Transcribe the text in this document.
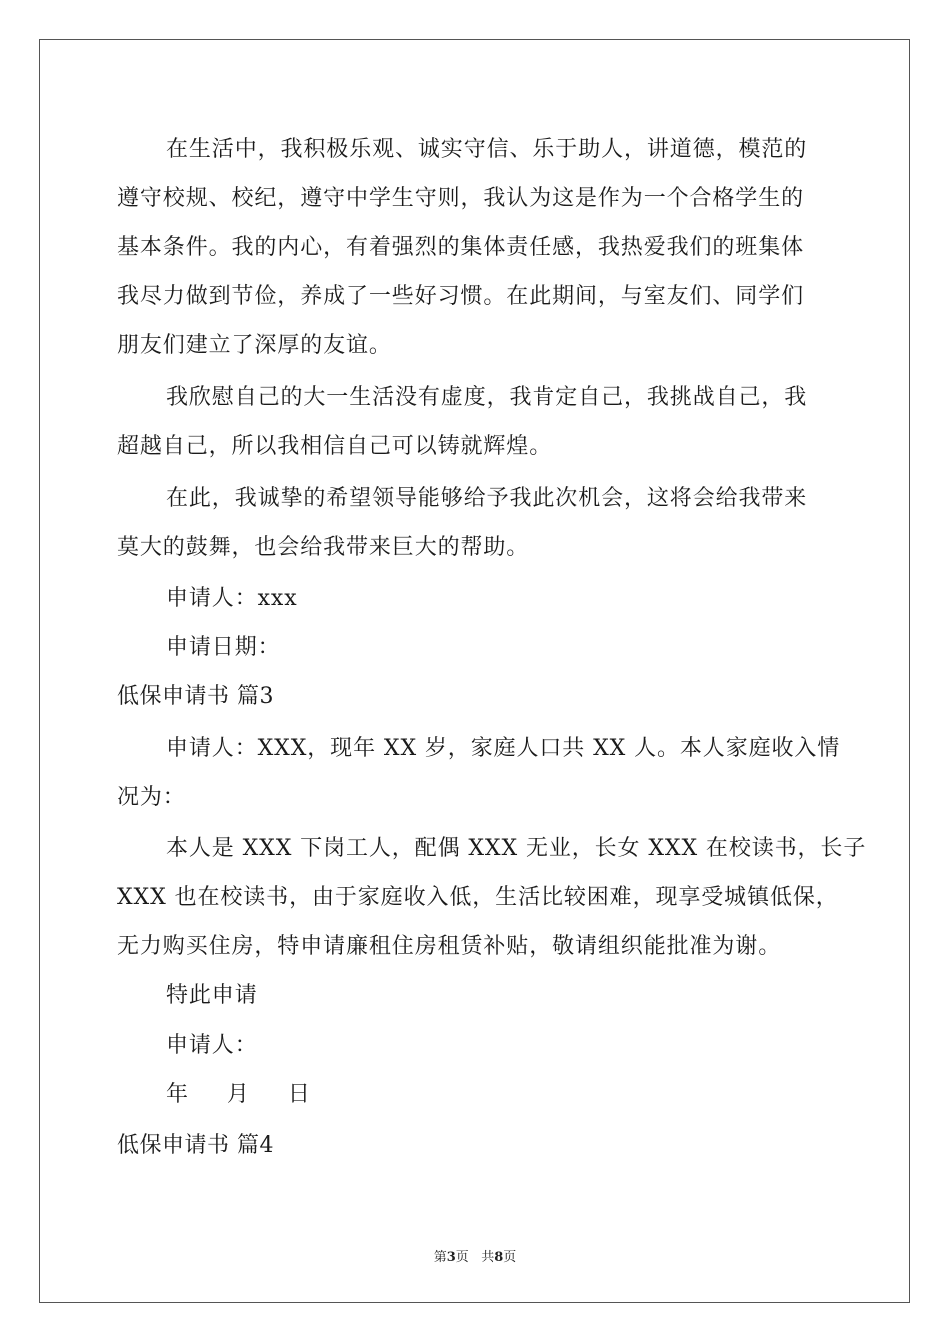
在生活中，我积极乐观、诚实守信、乐于助人，讲道德，模范的
遵守校规、校纪，遵守中学生守则，我认为这是作为一个合格学生的
基本条件。我的内心，有着强烈的集体责任感，我热爱我们的班集体
我尽力做到节俭，养成了一些好习惯。在此期间，与室友们、同学们
朋友们建立了深厚的友谊。
我欣慰自己的大一生活没有虚度，我肯定自己，我挑战自己，我
超越自己，所以我相信自己可以铸就辉煌。
在此，我诚挚的希望领导能够给予我此次机会，这将会给我带来
莫大的鼓舞，也会给我带来巨大的帮助。
申请人：xxx
申请日期：
低保申请书 篇3
申请人：XXX，现年 XX 岁，家庭人口共 XX 人。本人家庭收入情
况为：
本人是 XXX 下岗工人，配偶 XXX 无业，长女 XXX 在校读书，长子
XXX 也在校读书，由于家庭收入低，生活比较困难，现享受城镇低保，
无力购买住房，特申请廉租住房租赁补贴，敬请组织能批准为谢。
特此申请
申请人：
年 月 日
低保申请书 篇4
第3页 共8页
